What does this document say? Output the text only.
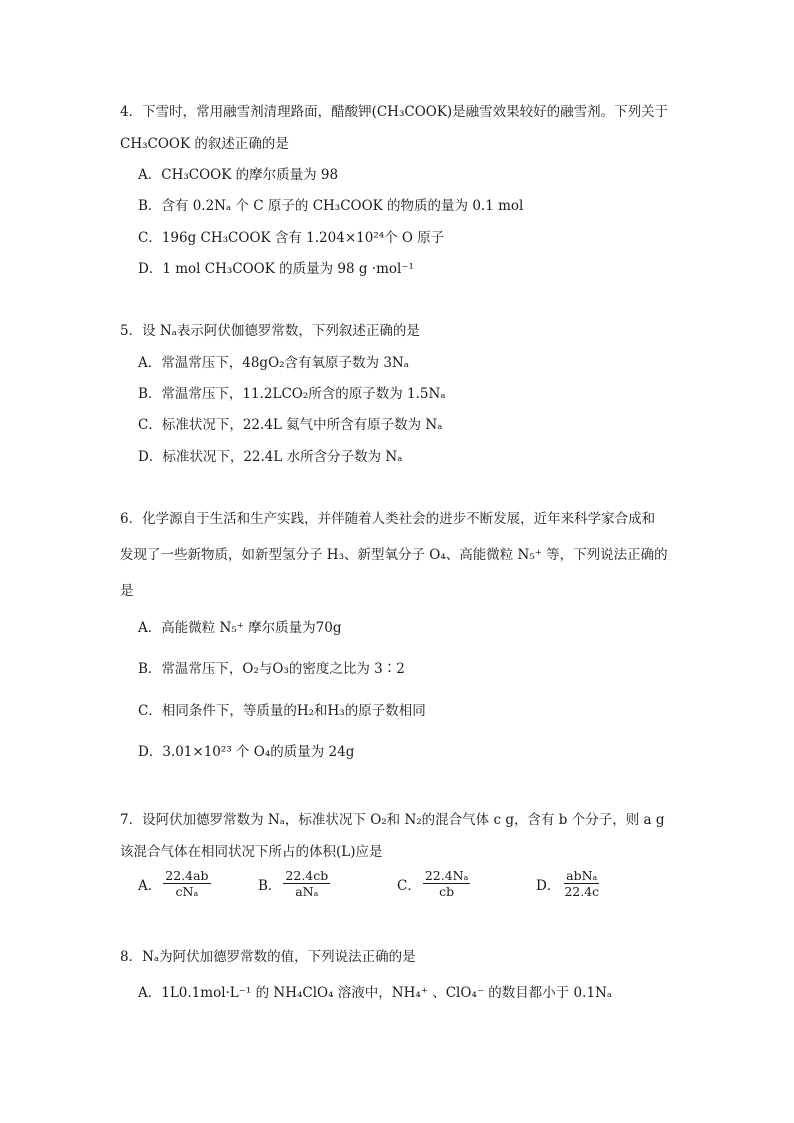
4．下雪时，常用融雪剂清理路面，醋酸钾(CH₃COOK)是融雪效果较好的融雪剂。下列关于
CH₃COOK 的叙述正确的是
A．CH₃COOK 的摩尔质量为 98
B．含有 0.2Nₐ 个 C 原子的 CH₃COOK 的物质的量为 0.1 mol
C．196g CH₃COOK 含有 1.204×10²⁴个 O 原子
D．1 mol CH₃COOK 的质量为 98 g ·mol⁻¹
5．设 Nₐ表示阿伏伽德罗常数，下列叙述正确的是
A．常温常压下，48gO₂含有氧原子数为 3Nₐ
B．常温常压下，11.2LCO₂所含的原子数为 1.5Nₐ
C．标准状况下，22.4L 氦气中所含有原子数为 Nₐ
D．标准状况下，22.4L 水所含分子数为 Nₐ
6．化学源自于生活和生产实践，并伴随着人类社会的进步不断发展，近年来科学家合成和
发现了一些新物质，如新型氢分子 H₃、新型氧分子 O₄、高能微粒 N₅⁺ 等，下列说法正确的
是
A．高能微粒 N₅⁺ 摩尔质量为70g
B．常温常压下，O₂与O₃的密度之比为 3∶2
C．相同条件下，等质量的H₂和H₃的原子数相同
D．3.01×10²³ 个 O₄的质量为 24g
7．设阿伏加德罗常数为 Nₐ，标准状况下 O₂和 N₂的混合气体 c g，含有 b 个分子，则 a g
该混合气体在相同状况下所占的体积(L)应是
A． $\frac{22.4ab}{\text{cNₐ}}$	B． $\frac{22.4cb}{\text{aNₐ}}$	C． $\frac{\text{22.4Nₐ}}{cb}$	D． $\frac{\text{abNₐ}}{22.4c}$
8．Nₐ为阿伏加德罗常数的值，下列说法正确的是
A．1L0.1mol·L⁻¹ 的 NH₄ClO₄ 溶液中，NH₄⁺ 、ClO₄⁻ 的数目都小于 0.1Nₐ
